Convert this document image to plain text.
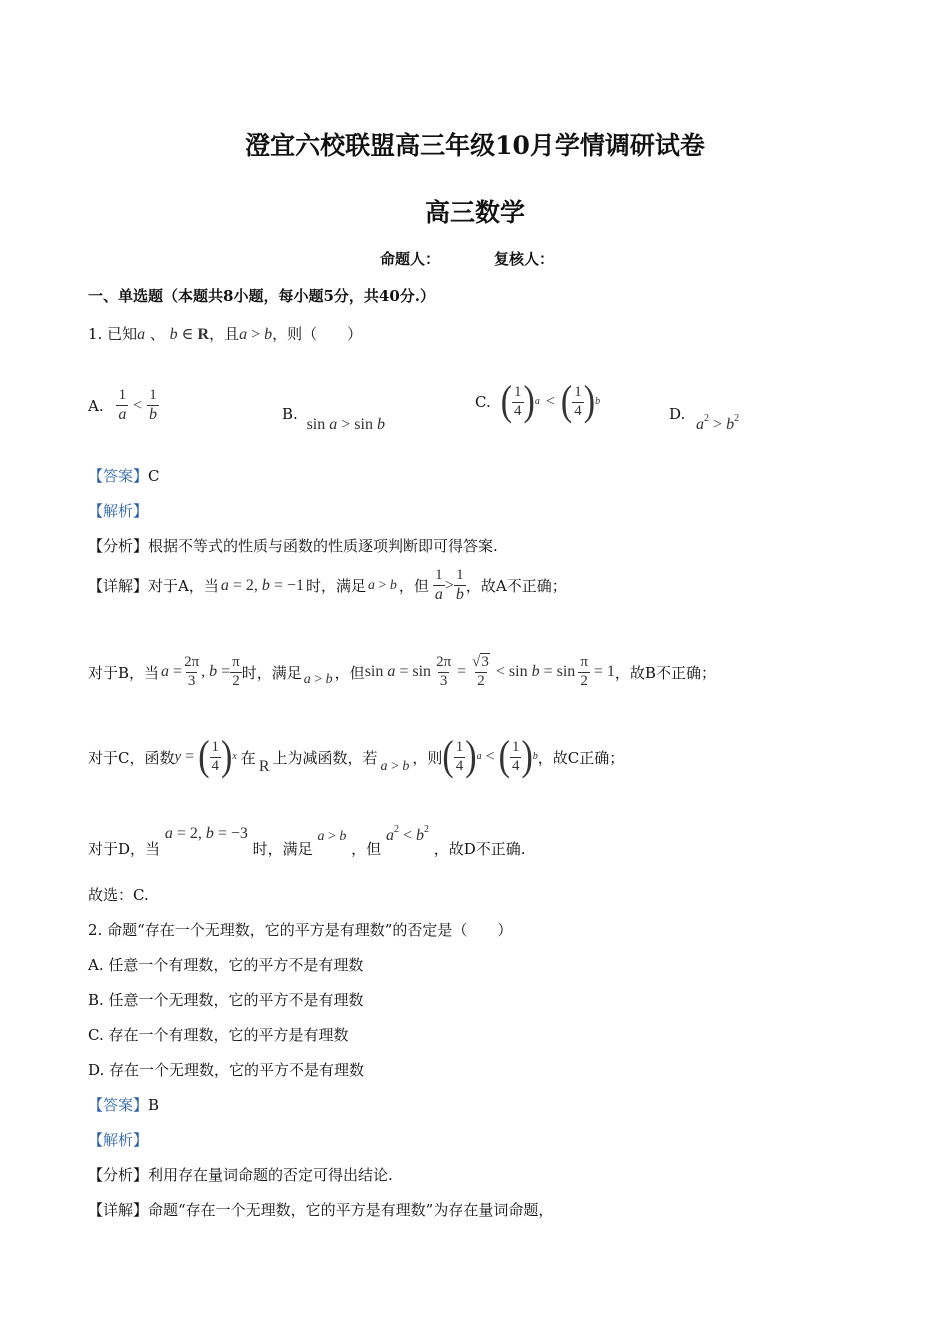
澄宜六校联盟高三年级10月学情调研试卷
高三数学
命题人：	复核人：
一、单选题（本题共8小题，每小题5分，共40分.）
1. 已知a 、 b ∈ R，且a > b，则（　　）
A. $\frac{1}{a} < \frac{1}{b}$	B. sin a > sin b
C. ( $\frac{1}{4}$ ) a < ( $\frac{1}{4}$ ) b
D. $a^2 > b^2$
【答案】C
【解析】
【分析】根据不等式的性质与函数的性质逐项判断即可得答案.
【详解】 对于A，当 a = 2, b = −1 时，满足 a > b ，但 $\frac{1}{a} > \frac{1}{b}$ ，故A不正确；
对于B，当 $a = \frac{2\pi}{3}$ , $b = \frac{\pi}{2}$ 时，满足 a > b ，但 $\sin a = \sin \frac{2\pi}{3} = \frac{√3}{2} < \sin b = \sin \frac{\pi}{2} = 1$ ，故B不正确；
对于C，函数 y = ( $\frac{1}{4}$ ) x 在 R 上为减函数，若 a > b ，则 ( $\frac{1}{4}$ ) a < ( $\frac{1}{4}$ ) b ，故C正确；
对于D，当 a = 2, b = −3 时，满足 a > b ，但 $a^2 < b^2$ ，故D不正确.
故选：C.
2. 命题“存在一个无理数，它的平方是有理数”的否定是（　　）
A. 任意一个有理数，它的平方不是有理数
B. 任意一个无理数，它的平方不是有理数
C. 存在一个有理数，它的平方是有理数
D. 存在一个无理数，它的平方不是有理数
【答案】B
【解析】
【分析】利用存在量词命题的否定可得出结论.
【详解】命题“存在一个无理数，它的平方是有理数”为存在量词命题，
